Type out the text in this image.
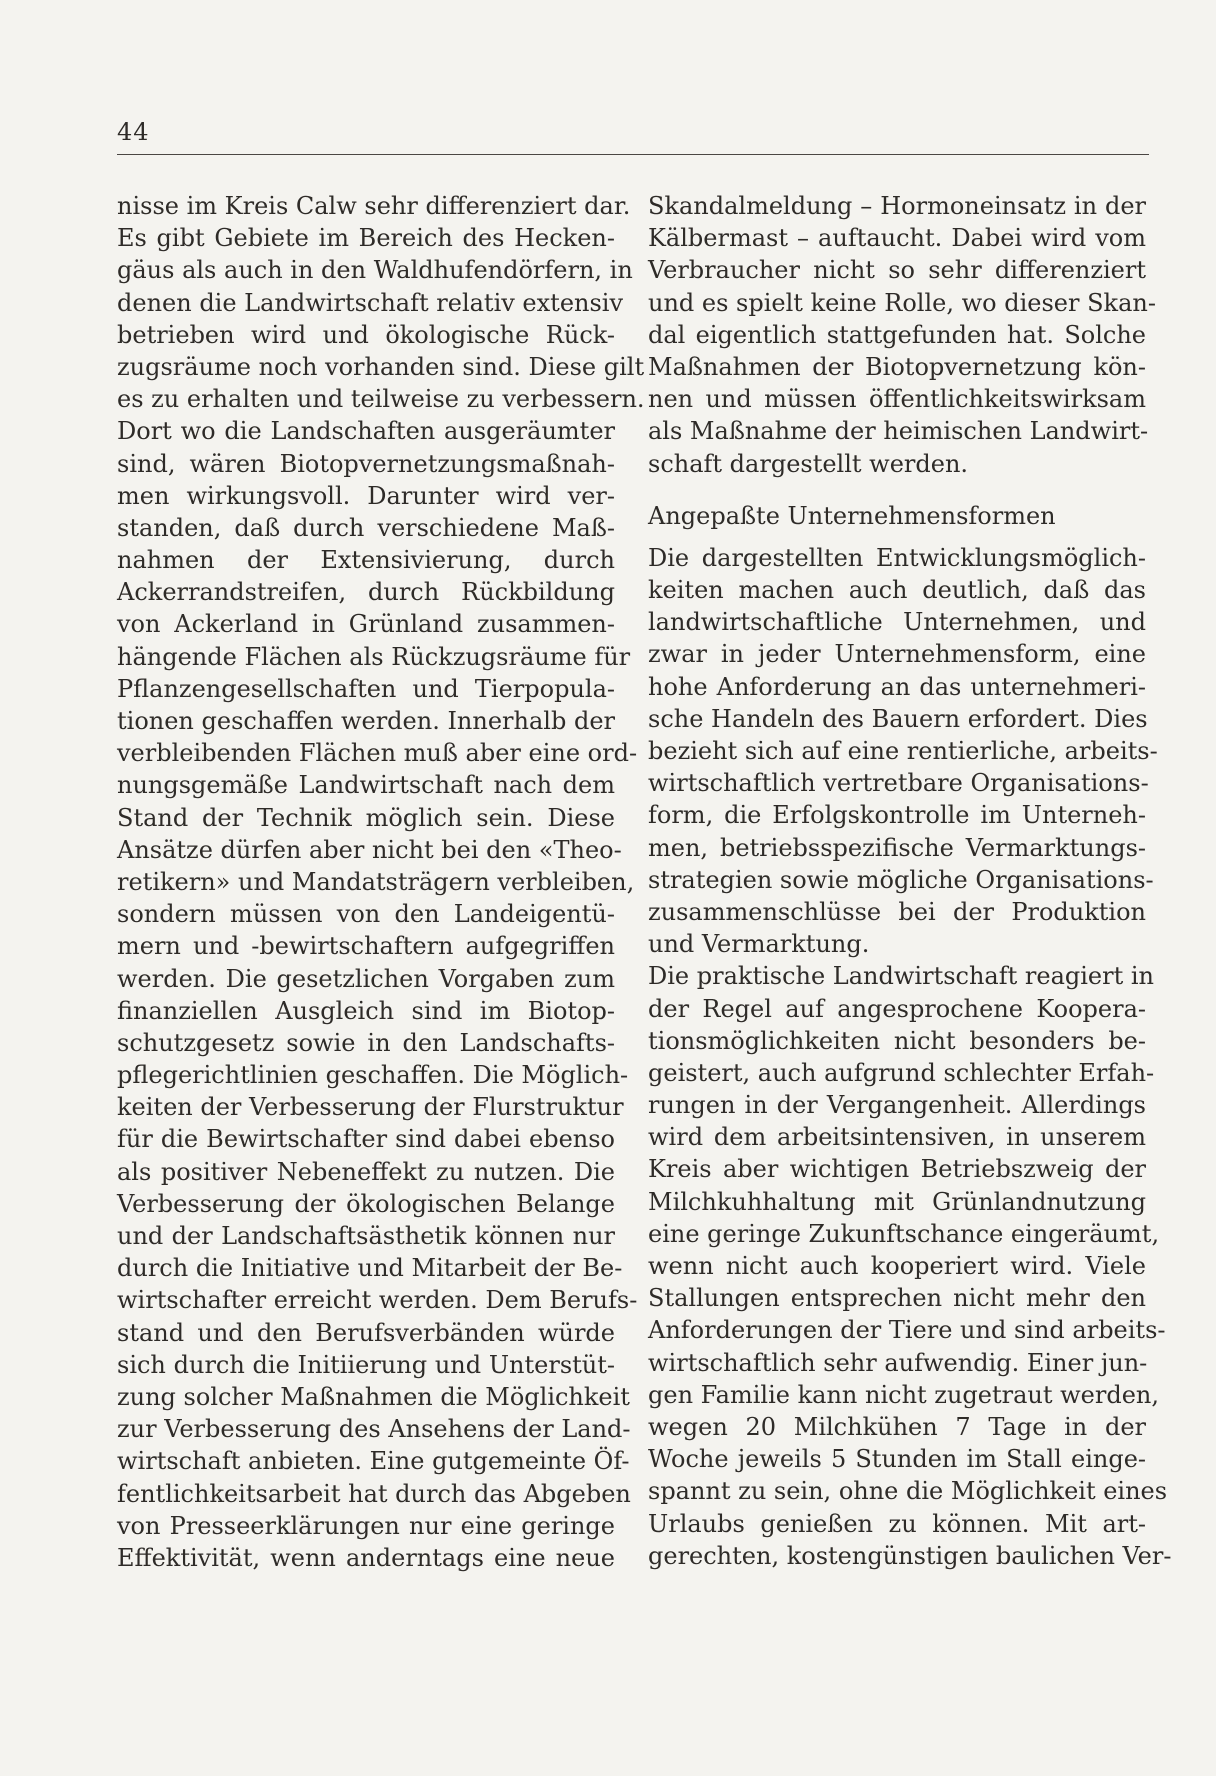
44
nisse im Kreis Calw sehr differenziert dar.
Es gibt Gebiete im Bereich des Hecken-
gäus als auch in den Waldhufendörfern, in
denen die Landwirtschaft relativ extensiv
betrieben wird und ökologische Rück-
zugsräume noch vorhanden sind. Diese gilt
es zu erhalten und teilweise zu verbessern.
Dort wo die Landschaften ausgeräumter
sind, wären Biotopvernetzungsmaßnah-
men wirkungsvoll. Darunter wird ver-
standen, daß durch verschiedene Maß-
nahmen der Extensivierung, durch
Ackerrandstreifen, durch Rückbildung
von Ackerland in Grünland zusammen-
hängende Flächen als Rückzugsräume für
Pflanzengesellschaften und Tierpopula-
tionen geschaffen werden. Innerhalb der
verbleibenden Flächen muß aber eine ord-
nungsgemäße Landwirtschaft nach dem
Stand der Technik möglich sein. Diese
Ansätze dürfen aber nicht bei den «Theo-
retikern» und Mandatsträgern verbleiben,
sondern müssen von den Landeigentü-
mern und -bewirtschaftern aufgegriffen
werden. Die gesetzlichen Vorgaben zum
finanziellen Ausgleich sind im Biotop-
schutzgesetz sowie in den Landschafts-
pflegerichtlinien geschaffen. Die Möglich-
keiten der Verbesserung der Flurstruktur
für die Bewirtschafter sind dabei ebenso
als positiver Nebeneffekt zu nutzen. Die
Verbesserung der ökologischen Belange
und der Landschaftsästhetik können nur
durch die Initiative und Mitarbeit der Be-
wirtschafter erreicht werden. Dem Berufs-
stand und den Berufsverbänden würde
sich durch die Initiierung und Unterstüt-
zung solcher Maßnahmen die Möglichkeit
zur Verbesserung des Ansehens der Land-
wirtschaft anbieten. Eine gutgemeinte Öf-
fentlichkeitsarbeit hat durch das Abgeben
von Presseerklärungen nur eine geringe
Effektivität, wenn anderntags eine neue
Skandalmeldung – Hormoneinsatz in der
Kälbermast – auftaucht. Dabei wird vom
Verbraucher nicht so sehr differenziert
und es spielt keine Rolle, wo dieser Skan-
dal eigentlich stattgefunden hat. Solche
Maßnahmen der Biotopvernetzung kön-
nen und müssen öffentlichkeitswirksam
als Maßnahme der heimischen Landwirt-
schaft dargestellt werden.
Angepaßte Unternehmensformen
Die dargestellten Entwicklungsmöglich-
keiten machen auch deutlich, daß das
landwirtschaftliche Unternehmen, und
zwar in jeder Unternehmensform, eine
hohe Anforderung an das unternehmeri-
sche Handeln des Bauern erfordert. Dies
bezieht sich auf eine rentierliche, arbeits-
wirtschaftlich vertretbare Organisations-
form, die Erfolgskontrolle im Unterneh-
men, betriebsspezifische Vermarktungs-
strategien sowie mögliche Organisations-
zusammenschlüsse bei der Produktion
und Vermarktung.
Die praktische Landwirtschaft reagiert in
der Regel auf angesprochene Koopera-
tionsmöglichkeiten nicht besonders be-
geistert, auch aufgrund schlechter Erfah-
rungen in der Vergangenheit. Allerdings
wird dem arbeitsintensiven, in unserem
Kreis aber wichtigen Betriebszweig der
Milchkuhhaltung mit Grünlandnutzung
eine geringe Zukunftschance eingeräumt,
wenn nicht auch kooperiert wird. Viele
Stallungen entsprechen nicht mehr den
Anforderungen der Tiere und sind arbeits-
wirtschaftlich sehr aufwendig. Einer jun-
gen Familie kann nicht zugetraut werden,
wegen 20 Milchkühen 7 Tage in der
Woche jeweils 5 Stunden im Stall einge-
spannt zu sein, ohne die Möglichkeit eines
Urlaubs genießen zu können. Mit art-
gerechten, kostengünstigen baulichen Ver-
